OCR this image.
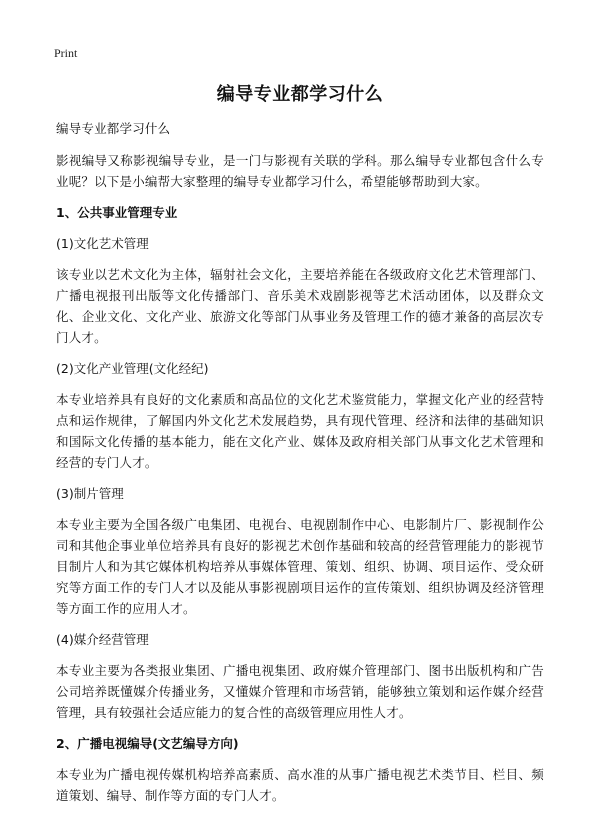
Print
编导专业都学习什么

编导专业都学习什么

影视编导又称影视编导专业，是一门与影视有关联的学科。那么编导专业都包含什么专业呢？以下是小编帮大家整理的编导专业都学习什么，希望能够帮助到大家。

1、公共事业管理专业
(1)文化艺术管理

该专业以艺术文化为主体，辐射社会文化，主要培养能在各级政府文化艺术管理部门、广播电视报刊出版等文化传播部门、音乐美术戏剧影视等艺术活动团体，以及群众文化、企业文化、文化产业、旅游文化等部门从事业务及管理工作的德才兼备的高层次专门人才。

(2)文化产业管理(文化经纪)

本专业培养具有良好的文化素质和高品位的文化艺术鉴赏能力，掌握文化产业的经营特点和运作规律，了解国内外文化艺术发展趋势，具有现代管理、经济和法律的基础知识和国际文化传播的基本能力，能在文化产业、媒体及政府相关部门从事文化艺术管理和经营的专门人才。

(3)制片管理

本专业主要为全国各级广电集团、电视台、电视剧制作中心、电影制片厂、影视制作公司和其他企事业单位培养具有良好的影视艺术创作基础和较高的经营管理能力的影视节目制片人和为其它媒体机构培养从事媒体管理、策划、组织、协调、项目运作、受众研究等方面工作的专门人才以及能从事影视剧项目运作的宣传策划、组织协调及经济管理等方面工作的应用人才。

(4)媒介经营管理

本专业主要为各类报业集团、广播电视集团、政府媒介管理部门、图书出版机构和广告公司培养既懂媒介传播业务，又懂媒介管理和市场营销，能够独立策划和运作媒介经营管理，具有较强社会适应能力的复合性的高级管理应用性人才。

2、广播电视编导(文艺编导方向)

本专业为广播电视传媒机构培养高素质、高水准的从事广播电视艺术类节目、栏目、频道策划、编导、制作等方面的专门人才。
